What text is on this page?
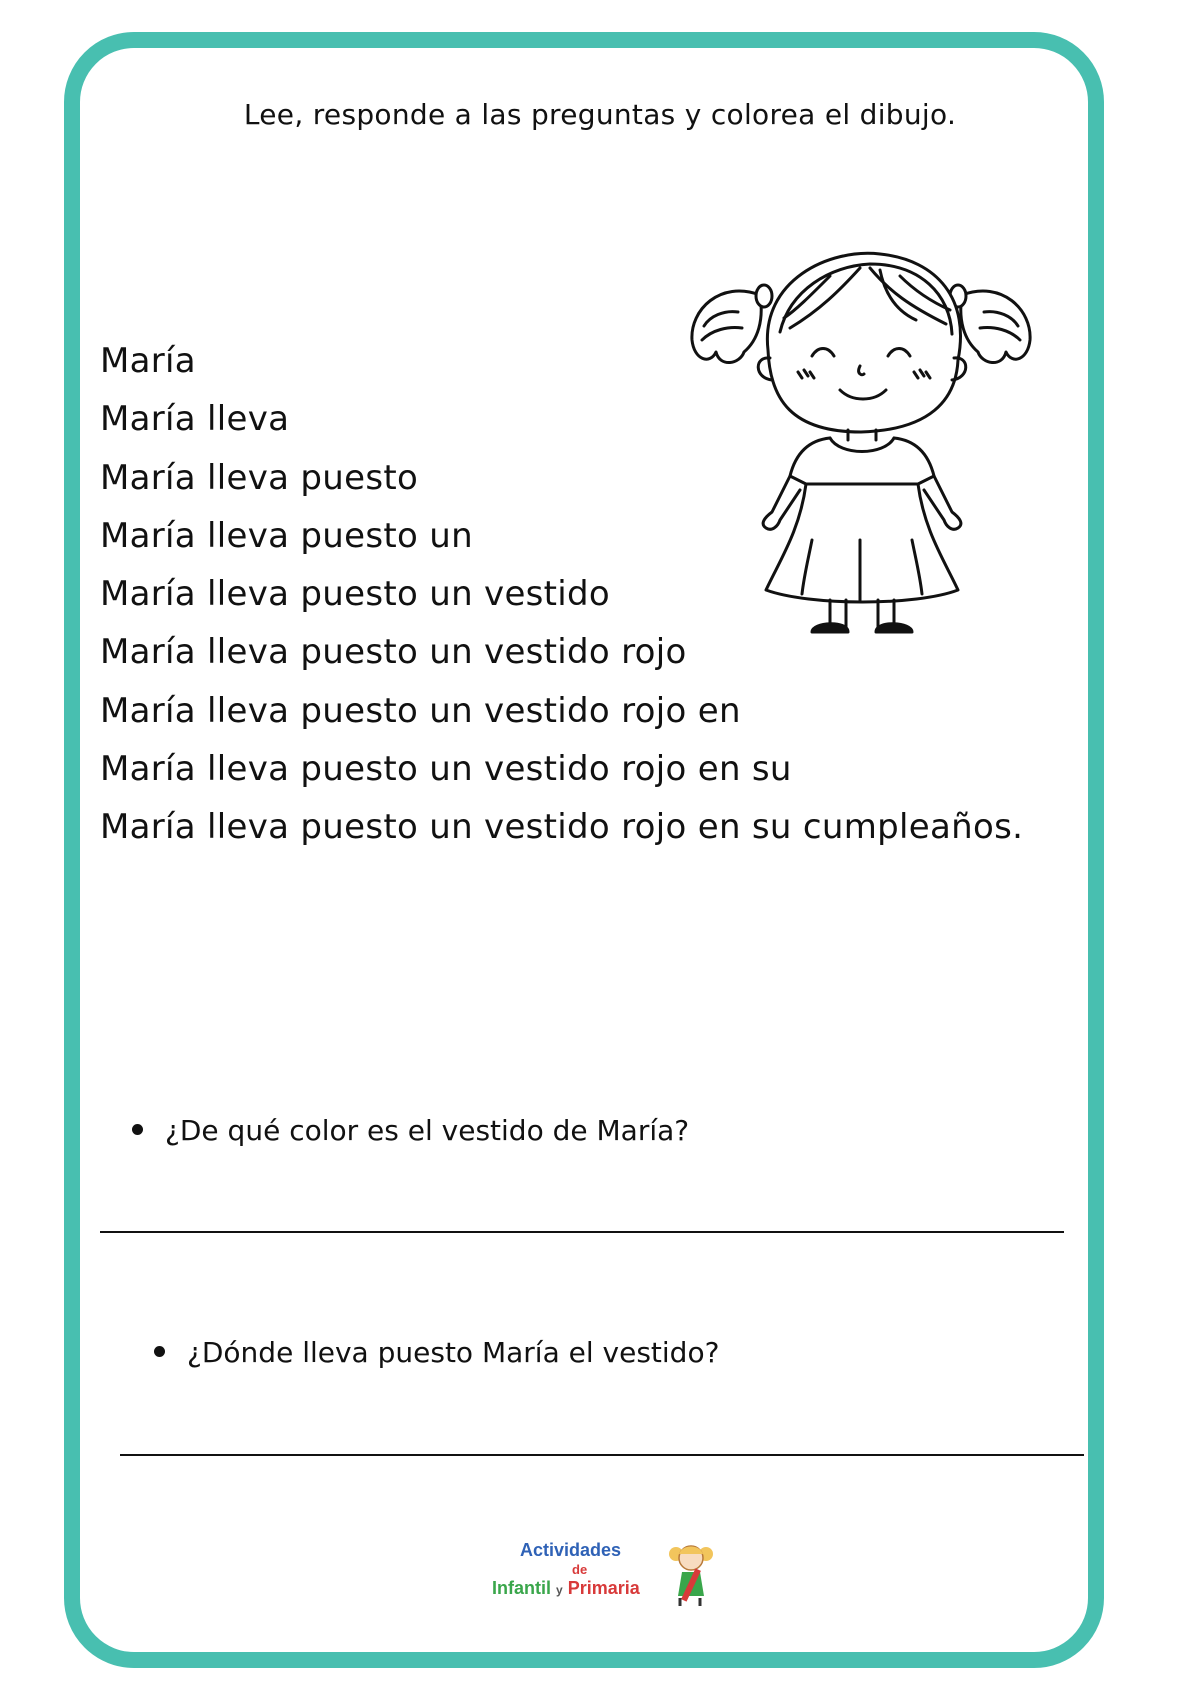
Lee, responde a las preguntas y colorea el dibujo.
María
María lleva
María lleva puesto
María lleva puesto un
María lleva puesto un vestido
María lleva puesto un vestido rojo
María lleva puesto un vestido rojo en
María lleva puesto un vestido rojo en su
María lleva puesto un vestido rojo en su cumpleaños.
¿De qué color es el vestido de María?
¿Dónde lleva puesto María el vestido?
Actividades
de
Infantil y Primaria
